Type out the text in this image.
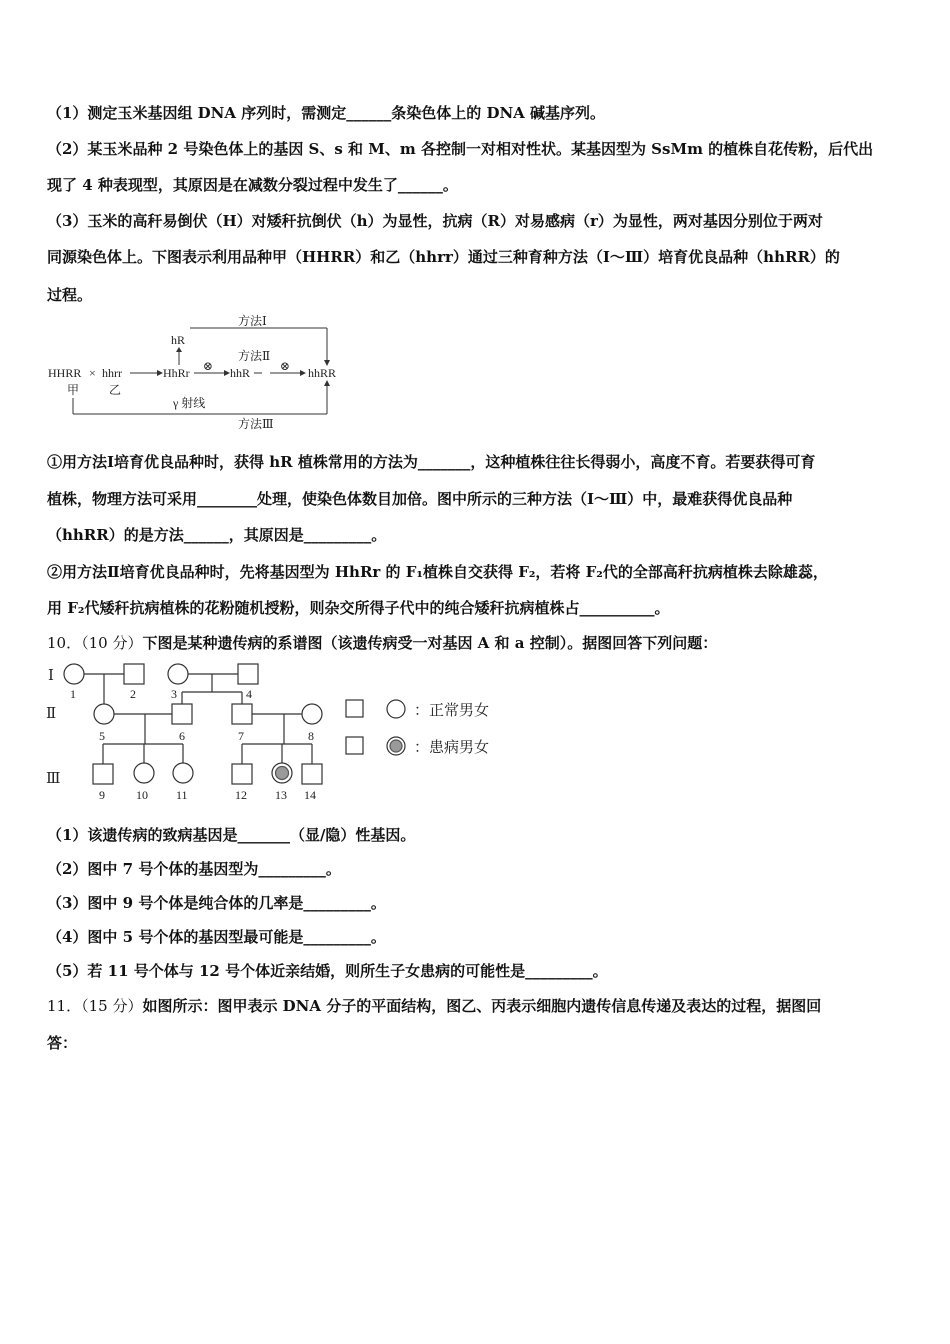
（1）测定玉米基因组 DNA 序列时，需测定______条染色体上的 DNA 碱基序列。
（2）某玉米品种 2 号染色体上的基因 S、s 和 M、m 各控制一对相对性状。某基因型为 SsMm 的植株自花传粉，后代出
现了 4 种表现型，其原因是在减数分裂过程中发生了______。
（3）玉米的高秆易倒伏（H）对矮秆抗倒伏（h）为显性，抗病（R）对易感病（r）为显性，两对基因分别位于两对
同源染色体上。下图表示利用品种甲（HHRR）和乙（hhrr）通过三种育种方法（Ⅰ～Ⅲ）培育优良品种（hhRR）的
过程。
方法Ⅰ
hR
方法Ⅱ
HHRR × hhrr	HhRr ⊗ hhR ⊗ hhRR
甲 乙
γ 射线
方法Ⅲ
①用方法Ⅰ培育优良品种时，获得 hR 植株常用的方法为_______，这种植株往往长得弱小，高度不育。若要获得可育
植株，物理方法可采用________处理，使染色体数目加倍。图中所示的三种方法（Ⅰ～Ⅲ）中，最难获得优良品种
（hhRR）的是方法______，其原因是_________。
②用方法Ⅱ培育优良品种时，先将基因型为 HhRr 的 F₁植株自交获得 F₂，若将 F₂代的全部高秆抗病植株去除雄蕊，
用 F₂代矮秆抗病植株的花粉随机授粉，则杂交所得子代中的纯合矮秆抗病植株占__________。
10．（10 分）下图是某种遗传病的系谱图（该遗传病受一对基因 A 和 a 控制）。据图回答下列问题：
Ⅰ
Ⅱ
Ⅲ
1	2	3	4
5	6	7	8
9	10 11	12 13 14
：正常男女
：患病男女
（1）该遗传病的致病基因是_______（显/隐）性基因。
（2）图中 7 号个体的基因型为_________。
（3）图中 9 号个体是纯合体的几率是_________。
（4）图中 5 号个体的基因型最可能是_________。
（5）若 11 号个体与 12 号个体近亲结婚，则所生子女患病的可能性是_________。
11．（15 分）如图所示：图甲表示 DNA 分子的平面结构，图乙、丙表示细胞内遗传信息传递及表达的过程，据图回
答：
